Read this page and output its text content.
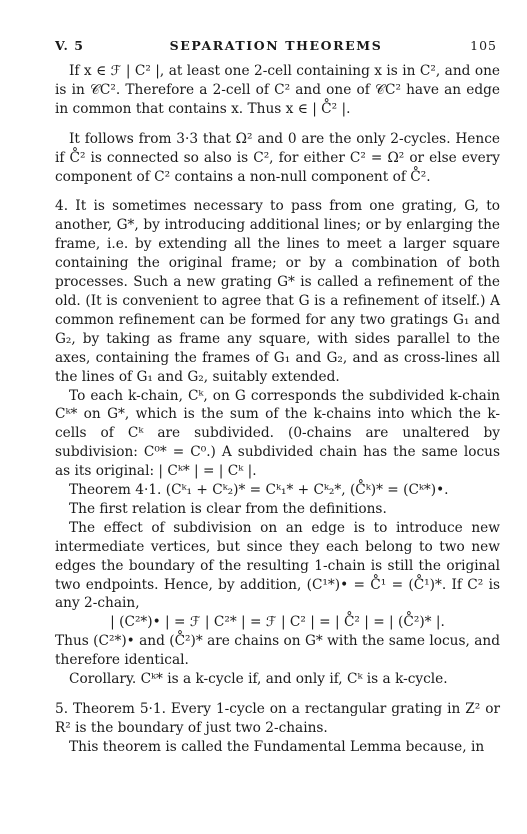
V. 5	SEPARATION THEOREMS	105

If x ∈ ℱ | C² |, at least one 2-cell containing x is in C², and one is in 𝒞C². Therefore a 2-cell of C² and one of 𝒞C² have an edge in common that contains x. Thus x ∈ | C̊² |.

It follows from 3·3 that Ω² and 0 are the only 2-cycles. Hence if C̊² is connected so also is C², for either C² = Ω² or else every component of C² contains a non-null component of C̊².

4. It is sometimes necessary to pass from one grating, G, to another, G*, by introducing additional lines; or by enlarging the frame, i.e. by extending all the lines to meet a larger square containing the original frame; or by a combination of both processes. Such a new grating G* is called a refinement of the old. (It is convenient to agree that G is a refinement of itself.) A common refinement can be formed for any two gratings G₁ and G₂, by taking as frame any square, with sides parallel to the axes, containing the frames of G₁ and G₂, and as cross-lines all the lines of G₁ and G₂, suitably extended.

To each k-chain, Cᵏ, on G corresponds the subdivided k-chain Cᵏ* on G*, which is the sum of the k-chains into which the k-cells of Cᵏ are subdivided. (0-chains are unaltered by subdivision: C⁰* = C⁰.) A subdivided chain has the same locus as its original: | Cᵏ* | = | Cᵏ |.

Theorem 4·1. (Cᵏ₁ + Cᵏ₂)* = Cᵏ₁* + Cᵏ₂*, (C̊ᵏ)* = (Cᵏ*)•.

The first relation is clear from the definitions.

The effect of subdivision on an edge is to introduce new intermediate vertices, but since they each belong to two new edges the boundary of the resulting 1-chain is still the original two endpoints. Hence, by addition, (C¹*)• = C̊¹ = (C̊¹)*. If C² is any 2-chain,

| (C²*)• | = ℱ | C²* | = ℱ | C² | = | C̊² | = | (C̊²)* |.

Thus (C²*)• and (C̊²)* are chains on G* with the same locus, and therefore identical.

Corollary. Cᵏ* is a k-cycle if, and only if, Cᵏ is a k-cycle.

5. Theorem 5·1. Every 1-cycle on a rectangular grating in Z² or R² is the boundary of just two 2-chains.

This theorem is called the Fundamental Lemma because, in
